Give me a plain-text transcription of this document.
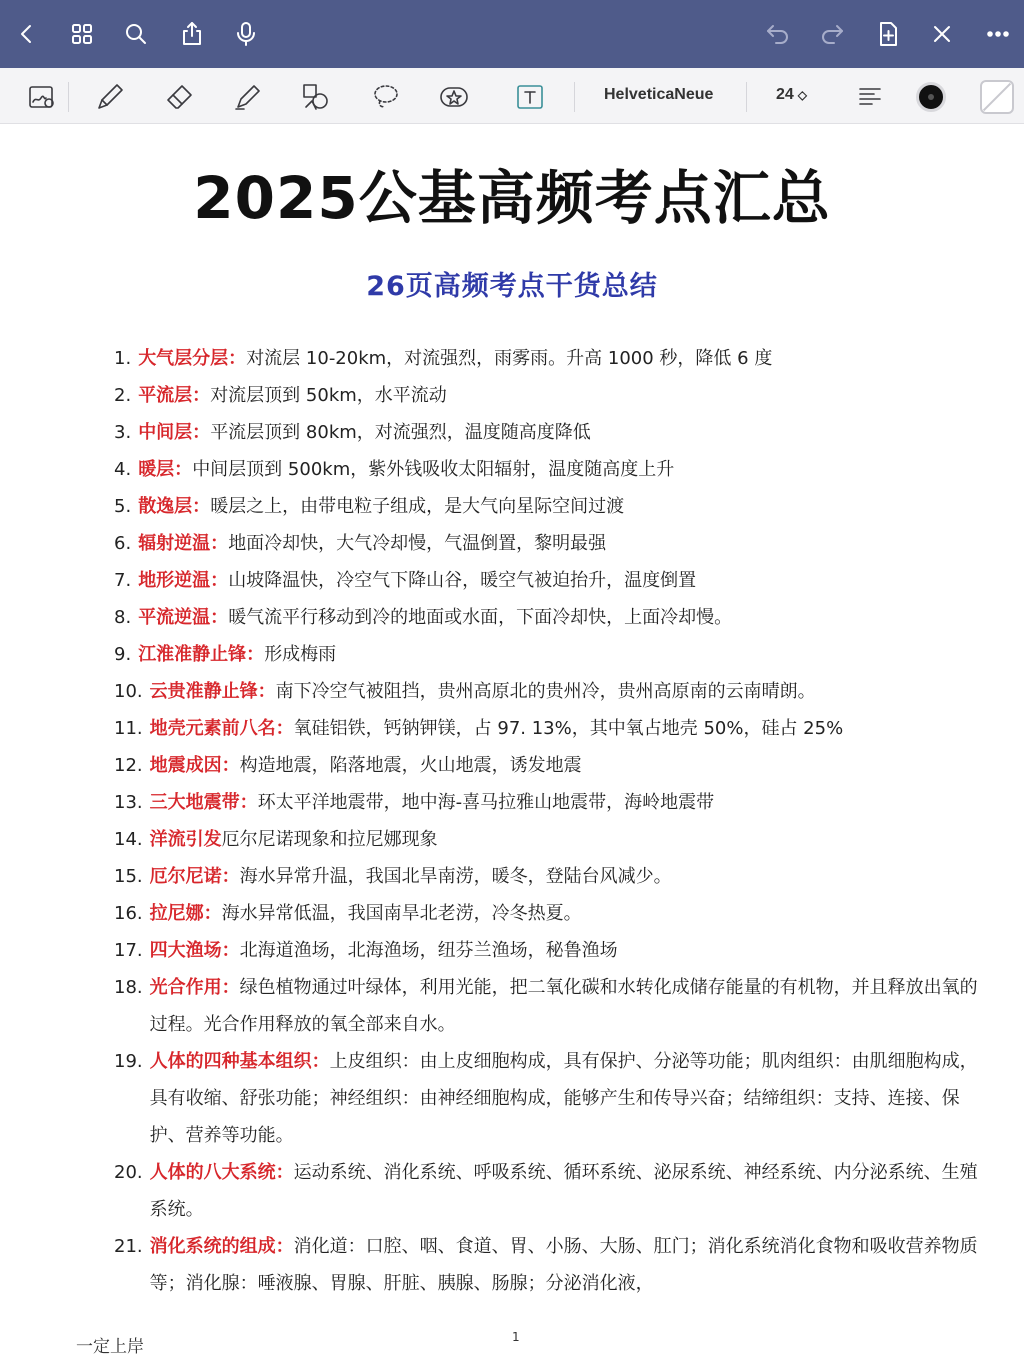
HelveticaNeue	24 ◇
2025公基高频考点汇总
26页高频考点干货总结
1. 大气层分层：对流层 10-20km，对流强烈，雨雾雨。升高 1000 秒，降低 6 度
2. 平流层：对流层顶到 50km，水平流动
3. 中间层：平流层顶到 80km，对流强烈，温度随高度降低
4. 暖层：中间层顶到 500km，紫外钱吸收太阳辐射，温度随高度上升
5. 散逸层：暖层之上，由带电粒子组成，是大气向星际空间过渡
6. 辐射逆温：地面冷却快，大气冷却慢，气温倒置，黎明最强
7. 地形逆温：山坡降温快，冷空气下降山谷，暖空气被迫抬升，温度倒置
8. 平流逆温：暖气流平行移动到冷的地面或水面，下面冷却快，上面冷却慢。
9. 江淮准静止锋：形成梅雨
10. 云贵准静止锋：南下冷空气被阻挡，贵州高原北的贵州冷，贵州高原南的云南晴朗。
11. 地壳元素前八名：氧硅铝铁，钙钠钾镁，占 97. 13%，其中氧占地壳 50%，硅占 25%
12. 地震成因：构造地震，陷落地震，火山地震，诱发地震
13. 三大地震带：环太平洋地震带，地中海-喜马拉雅山地震带，海岭地震带
14. 洋流引发厄尔尼诺现象和拉尼娜现象
15. 厄尔尼诺：海水异常升温，我国北旱南涝，暖冬，登陆台风减少。
16. 拉尼娜：海水异常低温，我国南旱北老涝，冷冬热夏。
17. 四大渔场：北海道渔场，北海渔场，纽芬兰渔场，秘鲁渔场
18. 光合作用：绿色植物通过叶绿体，利用光能，把二氧化碳和水转化成储存能量的有机物，并且释放出氧的过程。光合作用释放的氧全部来自水。
19. 人体的四种基本组织：上皮组织：由上皮细胞构成，具有保护、分泌等功能；肌肉组织：由肌细胞构成，具有收缩、舒张功能；神经组织：由神经细胞构成，能够产生和传导兴奋；结缔组织：支持、连接、保护、营养等功能。
20. 人体的八大系统：运动系统、消化系统、呼吸系统、循环系统、泌尿系统、神经系统、内分泌系统、生殖系统。
21. 消化系统的组成：消化道：口腔、咽、食道、胃、小肠、大肠、肛门；消化系统消化食物和吸收营养物质等；消化腺：唾液腺、胃腺、肝脏、胰腺、肠腺；分泌消化液，
一定上岸	1
